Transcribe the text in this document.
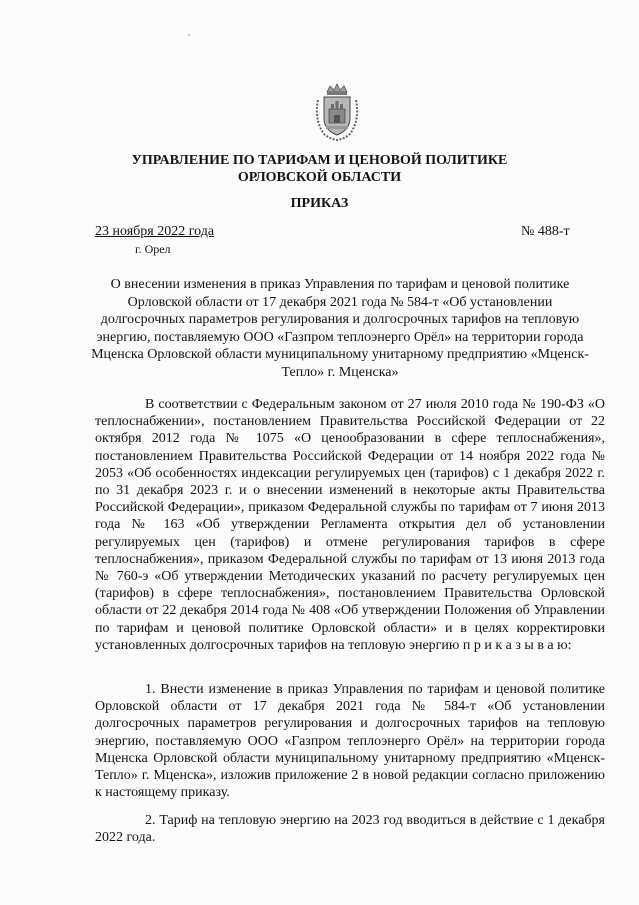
УПРАВЛЕНИЕ ПО ТАРИФАМ И ЦЕНОВОЙ ПОЛИТИКЕ
ОРЛОВСКОЙ ОБЛАСТИ
ПРИКАЗ
23 ноября 2022 года
г. Орел
№ 488-т
О внесении изменения в приказ Управления по тарифам и ценовой политике Орловской области от 17 декабря 2021 года № 584-т «Об установлении долгосрочных параметров регулирования и долгосрочных тарифов на тепловую энергию, поставляемую ООО «Газпром теплоэнерго Орёл» на территории города Мценска Орловской области муниципальному унитарному предприятию «Мценск-Тепло» г. Мценска»
В соответствии с Федеральным законом от 27 июля 2010 года № 190-ФЗ «О теплоснабжении», постановлением Правительства Российской Федерации от 22 октября 2012 года № 1075 «О ценообразовании в сфере теплоснабжения», постановлением Правительства Российской Федерации от 14 ноября 2022 года № 2053 «Об особенностях индексации регулируемых цен (тарифов) с 1 декабря 2022 г. по 31 декабря 2023 г. и о внесении изменений в некоторые акты Правительства Российской Федерации», приказом Федеральной службы по тарифам от 7 июня 2013 года № 163 «Об утверждении Регламента открытия дел об установлении регулируемых цен (тарифов) и отмене регулирования тарифов в сфере теплоснабжения», приказом Федеральной службы по тарифам от 13 июня 2013 года № 760-э «Об утверждении Методических указаний по расчету регулируемых цен (тарифов) в сфере теплоснабжения», постановлением Правительства Орловской области от 22 декабря 2014 года № 408 «Об утверждении Положения об Управлении по тарифам и ценовой политике Орловской области» и в целях корректировки установленных долгосрочных тарифов на тепловую энергию п р и к а з ы в а ю:
1. Внести изменение в приказ Управления по тарифам и ценовой политике Орловской области от 17 декабря 2021 года № 584-т «Об установлении долгосрочных параметров регулирования и долгосрочных тарифов на тепловую энергию, поставляемую ООО «Газпром теплоэнерго Орёл» на территории города Мценска Орловской области муниципальному унитарному предприятию «Мценск-Тепло» г. Мценска», изложив приложение 2 в новой редакции согласно приложению к настоящему приказу.
2. Тариф на тепловую энергию на 2023 год вводиться в действие с 1 декабря 2022 года.
